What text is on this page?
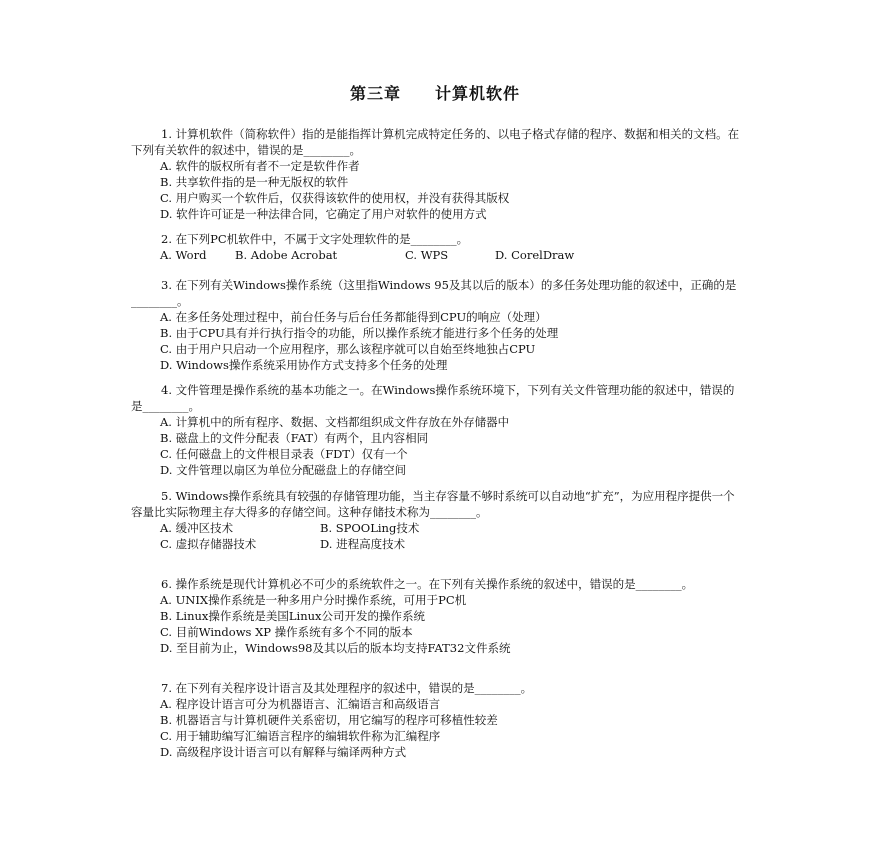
第三章 计算机软件
1. 计算机软件（简称软件）指的是能指挥计算机完成特定任务的、以电子格式存储的程序、数据和相关的文档。在下列有关软件的叙述中，错误的是________。
A. 软件的版权所有者不一定是软件作者
B. 共享软件指的是一种无版权的软件
C. 用户购买一个软件后，仅获得该软件的使用权，并没有获得其版权
D. 软件许可证是一种法律合同，它确定了用户对软件的使用方式
2. 在下列PC机软件中，不属于文字处理软件的是________。
A. Word B. Adobe Acrobat	C. WPS	D. CorelDraw
3. 在下列有关Windows操作系统（这里指Windows 95及其以后的版本）的多任务处理功能的叙述中，正确的是________。
A. 在多任务处理过程中，前台任务与后台任务都能得到CPU的响应（处理）
B. 由于CPU具有并行执行指令的功能，所以操作系统才能进行多个任务的处理
C. 由于用户只启动一个应用程序，那么该程序就可以自始至终地独占CPU
D. Windows操作系统采用协作方式支持多个任务的处理
4. 文件管理是操作系统的基本功能之一。在Windows操作系统环境下，下列有关文件管理功能的叙述中，错误的是________。
A. 计算机中的所有程序、数据、文档都组织成文件存放在外存储器中
B. 磁盘上的文件分配表（FAT）有两个，且内容相同
C. 任何磁盘上的文件根目录表（FDT）仅有一个
D. 文件管理以扇区为单位分配磁盘上的存储空间
5. Windows操作系统具有较强的存储管理功能，当主存容量不够时系统可以自动地“扩充”，为应用程序提供一个容量比实际物理主存大得多的存储空间。这种存储技术称为________。
A. 缓冲区技术	B. SPOOLing技术
C. 虚拟存储器技术	D. 进程高度技术
6. 操作系统是现代计算机必不可少的系统软件之一。在下列有关操作系统的叙述中，错误的是________。
A. UNIX操作系统是一种多用户分时操作系统，可用于PC机
B. Linux操作系统是美国Linux公司开发的操作系统
C. 目前Windows XP 操作系统有多个不同的版本
D. 至目前为止，Windows98及其以后的版本均支持FAT32文件系统
7. 在下列有关程序设计语言及其处理程序的叙述中，错误的是________。
A. 程序设计语言可分为机器语言、汇编语言和高级语言
B. 机器语言与计算机硬件关系密切，用它编写的程序可移植性较差
C. 用于辅助编写汇编语言程序的编辑软件称为汇编程序
D. 高级程序设计语言可以有解释与编译两种方式
